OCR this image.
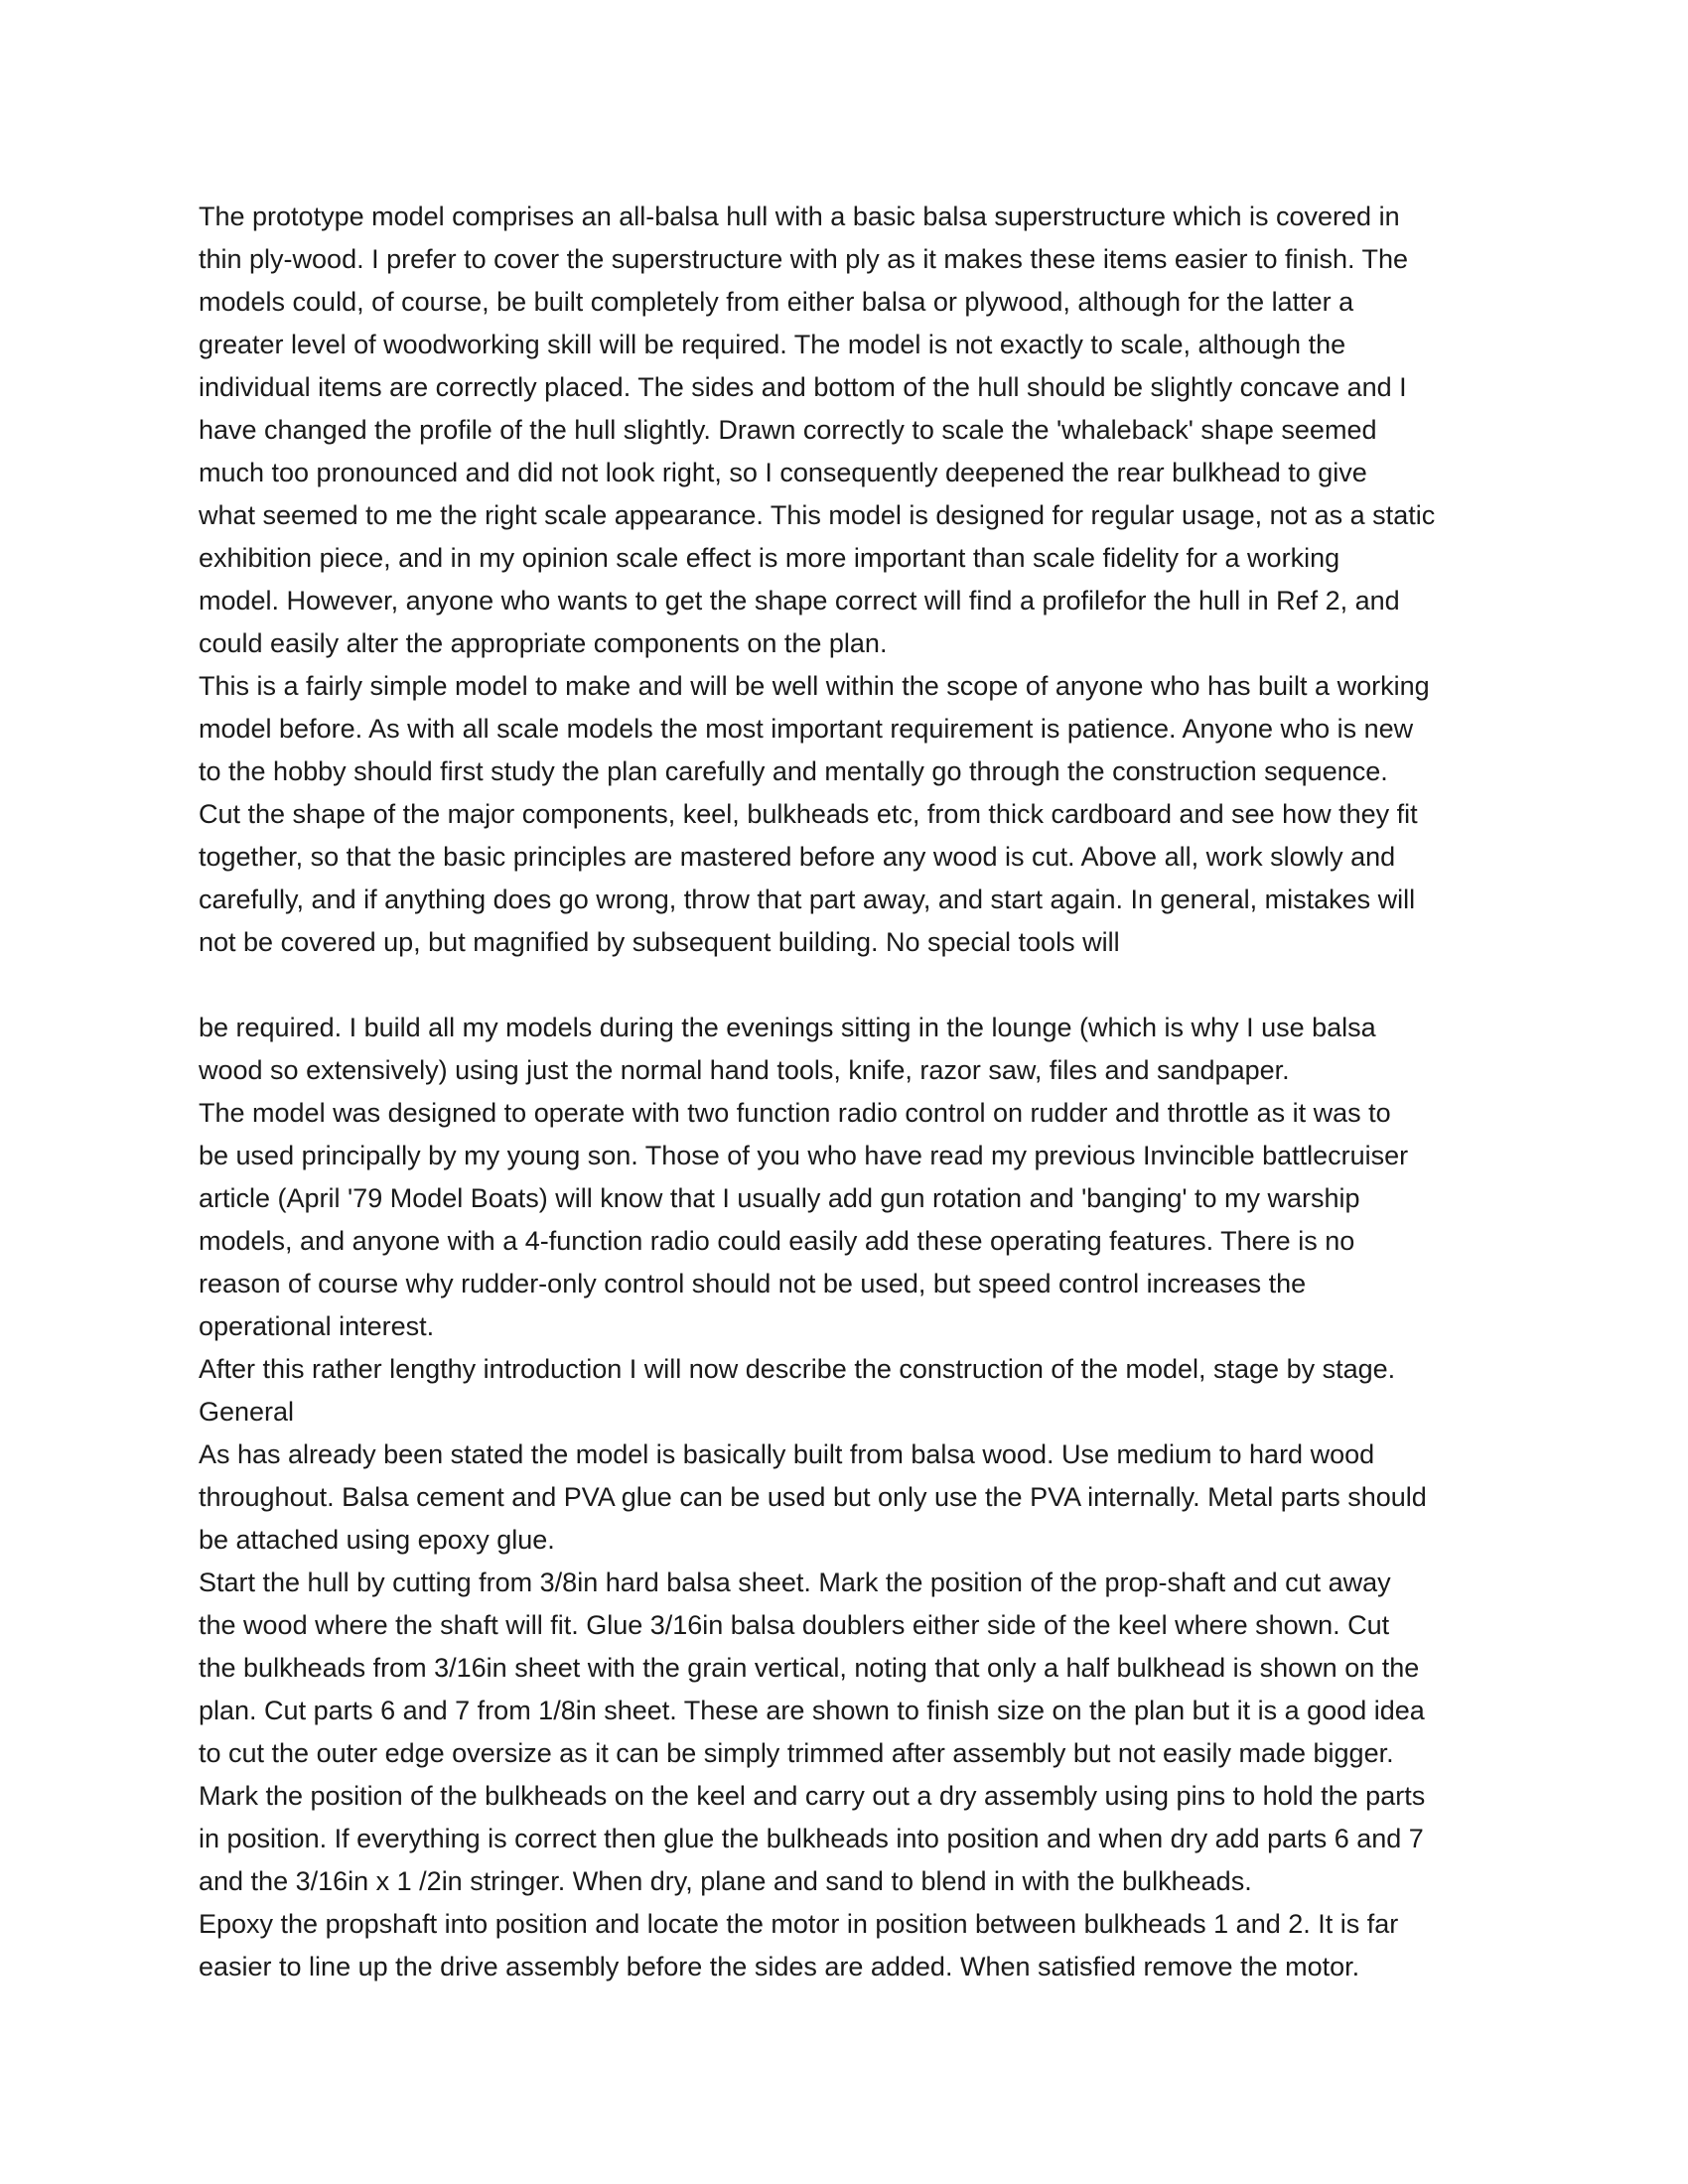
The prototype model comprises an all-balsa hull with a basic balsa superstructure which is covered in
thin ply-wood. I prefer to cover the superstructure with ply as it makes these items easier to finish. The
models could, of course, be built completely from either balsa or plywood, although for the latter a
greater level of woodworking skill will be required. The model is not exactly to scale, although the
individual items are correctly placed. The sides and bottom of the hull should be slightly concave and I
have changed the profile of the hull slightly. Drawn correctly to scale the 'whaleback' shape seemed
much too pronounced and did not look right, so I consequently deepened the rear bulkhead to give
what seemed to me the right scale appearance. This model is designed for regular usage, not as a static
exhibition piece, and in my opinion scale effect is more important than scale fidelity for a working
model. However, anyone who wants to get the shape correct will find a profilefor the hull in Ref 2, and
could easily alter the appropriate components on the plan.
This is a fairly simple model to make and will be well within the scope of anyone who has built a working
model before. As with all scale models the most important requirement is patience. Anyone who is new
to the hobby should first study the plan carefully and mentally go through the construction sequence.
Cut the shape of the major components, keel, bulkheads etc, from thick cardboard and see how they fit
together, so that the basic principles are mastered before any wood is cut. Above all, work slowly and
carefully, and if anything does go wrong, throw that part away, and start again. In general, mistakes will
not be covered up, but magnified by subsequent building. No special tools will
be required. I build all my models during the evenings sitting in the lounge (which is why I use balsa
wood so extensively) using just the normal hand tools, knife, razor saw, files and sandpaper.
The model was designed to operate with two function radio control on rudder and throttle as it was to
be used principally by my young son. Those of you who have read my previous Invincible battlecruiser
article (April '79 Model Boats) will know that I usually add gun rotation and 'banging' to my warship
models, and anyone with a 4-function radio could easily add these operating features. There is no
reason of course why rudder-only control should not be used, but speed control increases the
operational interest.
After this rather lengthy introduction I will now describe the construction of the model, stage by stage.
General
As has already been stated the model is basically built from balsa wood. Use medium to hard wood
throughout. Balsa cement and PVA glue can be used but only use the PVA internally. Metal parts should
be attached using epoxy glue.
Start the hull by cutting from 3/8in hard balsa sheet. Mark the position of the prop-shaft and cut away
the wood where the shaft will fit. Glue 3/16in balsa doublers either side of the keel where shown. Cut
the bulkheads from 3/16in sheet with the grain vertical, noting that only a half bulkhead is shown on the
plan. Cut parts 6 and 7 from 1/8in sheet. These are shown to finish size on the plan but it is a good idea
to cut the outer edge oversize as it can be simply trimmed after assembly but not easily made bigger.
Mark the position of the bulkheads on the keel and carry out a dry assembly using pins to hold the parts
in position. If everything is correct then glue the bulkheads into position and when dry add parts 6 and 7
and the 3/16in x 1 /2in stringer. When dry, plane and sand to blend in with the bulkheads.
Epoxy the propshaft into position and locate the motor in position between bulkheads 1 and 2. It is far
easier to line up the drive assembly before the sides are added. When satisfied remove the motor.
